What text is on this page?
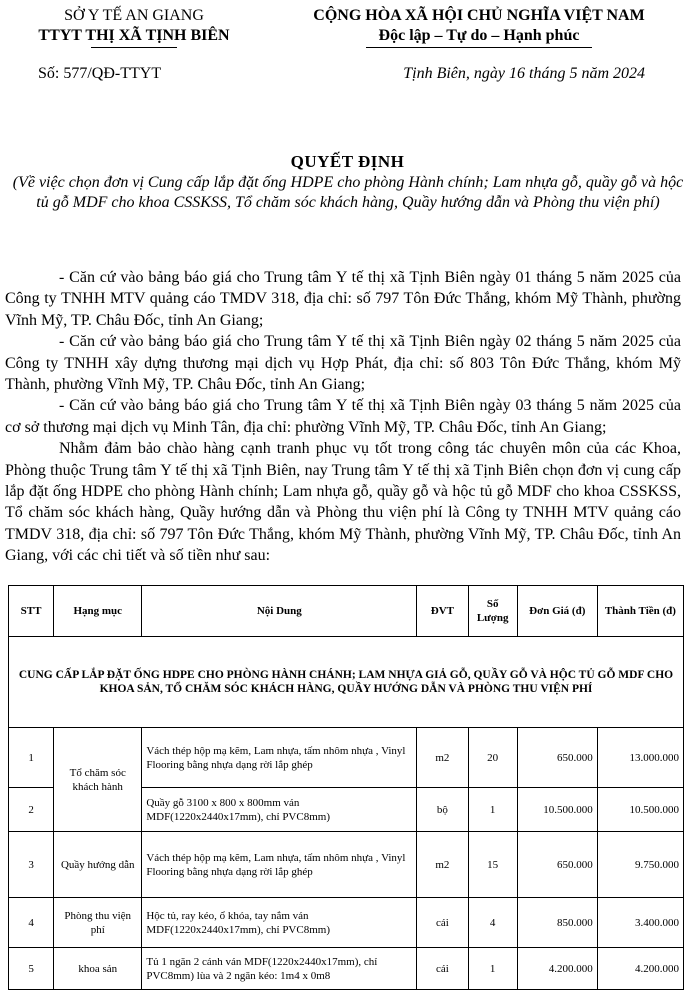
SỞ Y TẾ AN GIANG
TTYT THỊ XÃ TỊNH BIÊN
CỘNG HÒA XÃ HỘI CHỦ NGHĨA VIỆT NAM
Độc lập – Tự do – Hạnh phúc
Số: 577/QĐ-TTYT	Tịnh Biên, ngày 16 tháng 5 năm 2024
QUYẾT ĐỊNH
(Về việc chọn đơn vị Cung cấp lắp đặt ống HDPE cho phòng Hành chính; Lam nhựa gỗ, quầy gỗ và hộc tủ gỗ MDF cho khoa CSSKSS, Tổ chăm sóc khách hàng, Quầy hướng dẫn và Phòng thu viện phí)

- Căn cứ vào bảng báo giá cho Trung tâm Y tế thị xã Tịnh Biên ngày 01 tháng 5 năm 2025 của Công ty TNHH MTV quảng cáo TMDV 318, địa chỉ: số 797 Tôn Đức Thắng, khóm Mỹ Thành, phường Vĩnh Mỹ, TP. Châu Đốc, tỉnh An Giang;

- Căn cứ vào bảng báo giá cho Trung tâm Y tế thị xã Tịnh Biên ngày 02 tháng 5 năm 2025 của Công ty TNHH xây dựng thương mại dịch vụ Hợp Phát, địa chỉ: số 803 Tôn Đức Thắng, khóm Mỹ Thành, phường Vĩnh Mỹ, TP. Châu Đốc, tỉnh An Giang;

- Căn cứ vào bảng báo giá cho Trung tâm Y tế thị xã Tịnh Biên ngày 03 tháng 5 năm 2025 của cơ sở thương mại dịch vụ Minh Tân, địa chỉ: phường Vĩnh Mỹ, TP. Châu Đốc, tỉnh An Giang;

Nhằm đảm bảo chào hàng cạnh tranh phục vụ tốt trong công tác chuyên môn của các Khoa, Phòng thuộc Trung tâm Y tế thị xã Tịnh Biên, nay Trung tâm Y tế thị xã Tịnh Biên chọn đơn vị cung cấp lắp đặt ống HDPE cho phòng Hành chính; Lam nhựa gỗ, quầy gỗ và hộc tủ gỗ MDF cho khoa CSSKSS, Tổ chăm sóc khách hàng, Quầy hướng dẫn và Phòng thu viện phí là Công ty TNHH MTV quảng cáo TMDV 318, địa chỉ: số 797 Tôn Đức Thắng, khóm Mỹ Thành, phường Vĩnh Mỹ, TP. Châu Đốc, tỉnh An Giang, với các chi tiết và số tiền như sau:

STT	Hạng mục	Nội Dung	ĐVT	Số Lượng	Đơn Giá (đ)	Thành Tiền (đ)
CUNG CẤP LẮP ĐẶT ỐNG HDPE CHO PHÒNG HÀNH CHÁNH; LAM NHỰA GIẢ GỖ, QUẦY GỖ VÀ HỘC TỦ GỖ MDF CHO KHOA SẢN, TỔ CHĂM SÓC KHÁCH HÀNG, QUẦY HƯỚNG DẪN VÀ PHÒNG THU VIỆN PHÍ						
1	Tổ chăm sóc khách hành	Vách thép hộp mạ kẽm, Lam nhựa, tấm nhôm nhựa , Vinyl Flooring bằng nhựa dạng rời lắp ghép	m2	20	650.000	13.000.000
2		Quầy gỗ 3100 x 800 x 800mm ván MDF(1220x2440x17mm), chỉ PVC8mm)	bộ	1	10.500.000	10.500.000
3	Quầy hướng dẫn	Vách thép hộp mạ kẽm, Lam nhựa, tấm nhôm nhựa , Vinyl Flooring bằng nhựa dạng rời lắp ghép	m2	15	650.000	9.750.000
4	Phòng thu viện phí	Hộc tủ, ray kéo, ổ khóa, tay nắm ván MDF(1220x2440x17mm), chỉ PVC8mm)	cái	4	850.000	3.400.000
5	khoa sản	Tủ 1 ngăn 2 cánh ván MDF(1220x2440x17mm), chỉ PVC8mm) lùa và 2 ngăn kéo: 1m4 x 0m8	cái	1	4.200.000	4.200.000
